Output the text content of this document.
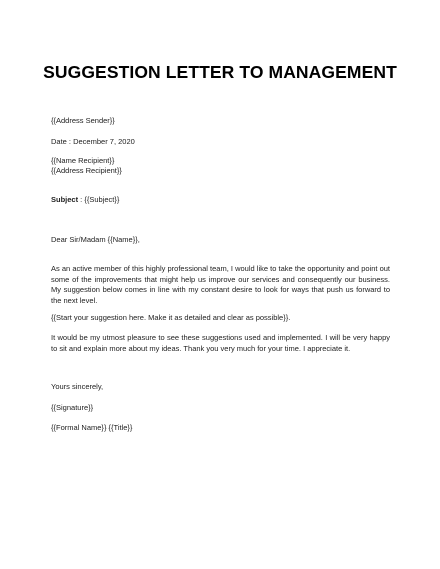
SUGGESTION LETTER TO MANAGEMENT

{{Address Sender}}

Date : December 7, 2020

{{Name Recipient}}

{{Address Recipient}}

Subject : {{Subject}}

Dear Sir/Madam {{Name}},

As an active member of this highly professional team, I would like to take the opportunity and point out some of the improvements that might help us improve our services and consequently our business. My suggestion below comes in line with my constant desire to look for ways that push us forward to the next level.

{{Start your suggestion here. Make it as detailed and clear as possible}}.

It would be my utmost pleasure to see these suggestions used and implemented. I will be very happy to sit and explain more about my ideas. Thank you very much for your time. I appreciate it.

Yours sincerely,

{{Signature}}

{{Formal Name}} {{Title}}
